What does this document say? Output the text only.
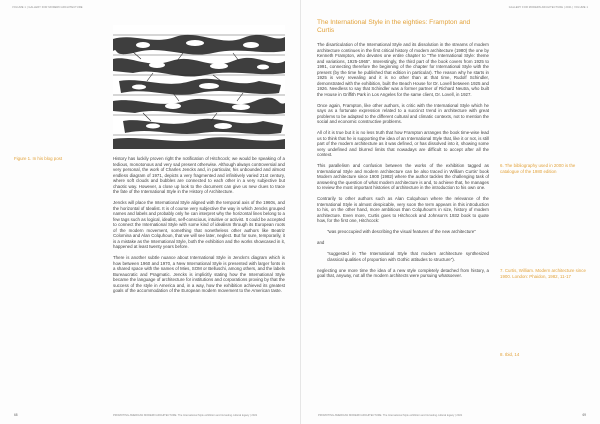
VOLUME 1 | GALLERY FOR MODERN ARCHITECTURE
Figure 1. In his blog post	History has luckily proven right the notification of Hitchcock; we would be speaking of a tedious, monotonous and very sad present otherwise. Although always controversial and very personal, the work of Charles Jencks and, in particular, his unbounded and almost endless diagram of 1971, depicts a very fragmented and infinitively varied 21st century, where soft clouds and bubbles are connected to each other in a very subjective but chaotic way. However, a close up look to the document can give us new clues to trace the fate of the International Style in the History of Architecture.

Jencks will place the International Style aligned with the temporal axis of the 1960s, and the horizontal of Idealist. It is of course very subjective the way in which Jencks grouped names and labels and probably only he can interpret why the horizontal lines belong to a few tags such as logical, idealist, self-conscious, intuitive or activist. It could be accepted to connect the International Style with some kind of idealism through its European roots of the modern movement, something that nonetheless other authors like Beatriz Colomina and Alan Colquhoun, that we will see later, neglect. But for sure, temporarily, it is a mistake as the International Style, both the exhibition and the works showcased in it, happened at least twenty years before.

There is another subtle nuance about International Style in Jencks's diagram which is how between 1960 and 1970, a New International Style is presented with larger fonts in a shared space with the names of Mies, SOM or Belluschi, among others, and the labels Bureaucratic and Pragmatic. Jencks is implicitly stating how the International Style became the language of architecture for institutions and corporations proving by that the success of the style in America and, in a way, how the exhibition achieved its greatest goals of the accommodation of the European modern movement to the American taste.

68	PROMOTING AMERICAN MODERN ARCHITECTURE. The International Style exhibition and its lasting cultural legacy | 2021
GALLERY FOR MODERN ARCHITECTURE | 2021 | VOLUME 1
69
PROMOTING AMERICAN MODERN ARCHITECTURE. The International Style exhibition and its lasting cultural legacy | 2021
The International Style in the eighties: Frampton and Curtis

The disarticulation of the International Style and its dissolution in the streams of modern architecture continues in the first critical history of modern architecture (1980) the one by Kenneth Frampton, who devotes one entire chapter to "The International Style: theme and variations, 1925-1965". Interestingly, the third part of the book covers from 1925 to 1991, connecting therefore the beginning of the chapter for International Style with the present (by the time he published that edition in particular). The reason why he starts in 1925 is very revealing and it is no other than at that time, Rudolf Schindler, demonstrated with the exhibition, built the Beach House for Dr. Lovell between 1925 and 1926. Needless to say that Schindler was a former partner of Richard Neutra, who built the House in Griffith Park in Los Angeles for the same client, Dr. Lovell, in 1927.

Once again, Frampton, like other authors, is critic with the International Style which he says as a fortunate expression related to a succinct trend in architecture with great problems to be adapted to the different cultural and climatic contexts, not to mention the social and economic constructive problems.

All of it is true but it is no less truth that how Frampton arranges the book time-wise lead us to think that he is supporting the idea of an International Style that, like it or not, is still part of the modern architecture as it was defined, or has dissolved into it, showing some very undefined and blurred limits that nowadays are difficult to accept after all the context.

This parallelism and confusion between the works of the exhibition tagged as International Style and modern architecture can be also traced in William Curtis' book Modern architecture since 1900 (1982) where the author tackles the challenging task of answering the question of what modern architecture is and, to achieve that, he manages to review the most important histories of architecture in the introduction to his own one.

Contrarily to other authors such as Alan Colquhoun where the relevance of the International Style is almost despicable, very soon the term appears in this introduction to his, on the other hand, more ambitious than Colquhoun's in size, history of modern architecture. Even more, Curtis goes to Hitchcock and Johnson's 1932 book to quote how, for the first one, Hitchcock:

"was preoccupied with describing the visual features of the new architecture"

and

"suggested in The International Style that modern architecture synthesized classical qualities of proportion with Gothic attitudes to structure").

neglecting one more time the idea of a new style completely detached from history, a goal that, anyway, not all the modern architects were pursuing whatsoever.

6. The bibliography used in 2000 is the catalogue of the 1980 edition
7. Curtis, William. Modern architecture since 1900. London: Phaidon, 1982, 11-17
8. Ibid, 14
